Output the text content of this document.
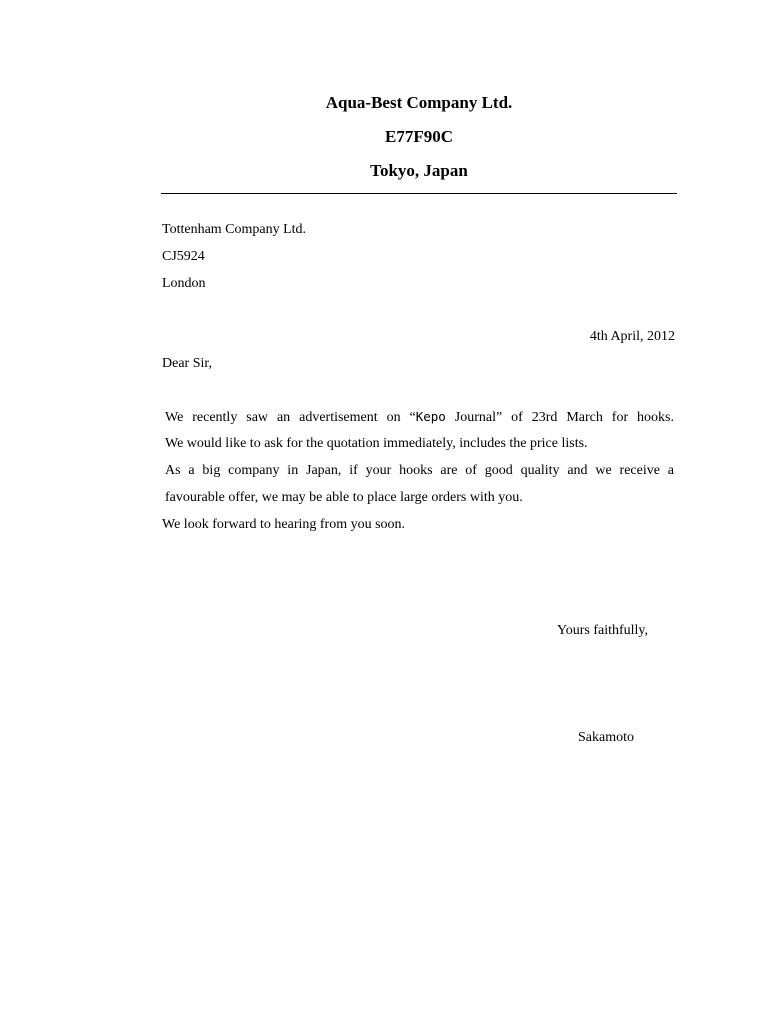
Aqua-Best Company Ltd.
E77F90C
Tokyo, Japan
Tottenham Company Ltd.
CJ5924
London
4th April, 2012
Dear Sir,
We recently saw an advertisement on “Kepo Journal” of 23rd March for hooks.
We would like to ask for the quotation immediately, includes the price lists.
As a big company in Japan, if your hooks are of good quality and we receive a
favourable offer, we may be able to place large orders with you.
We look forward to hearing from you soon.
Yours faithfully,
Sakamoto
